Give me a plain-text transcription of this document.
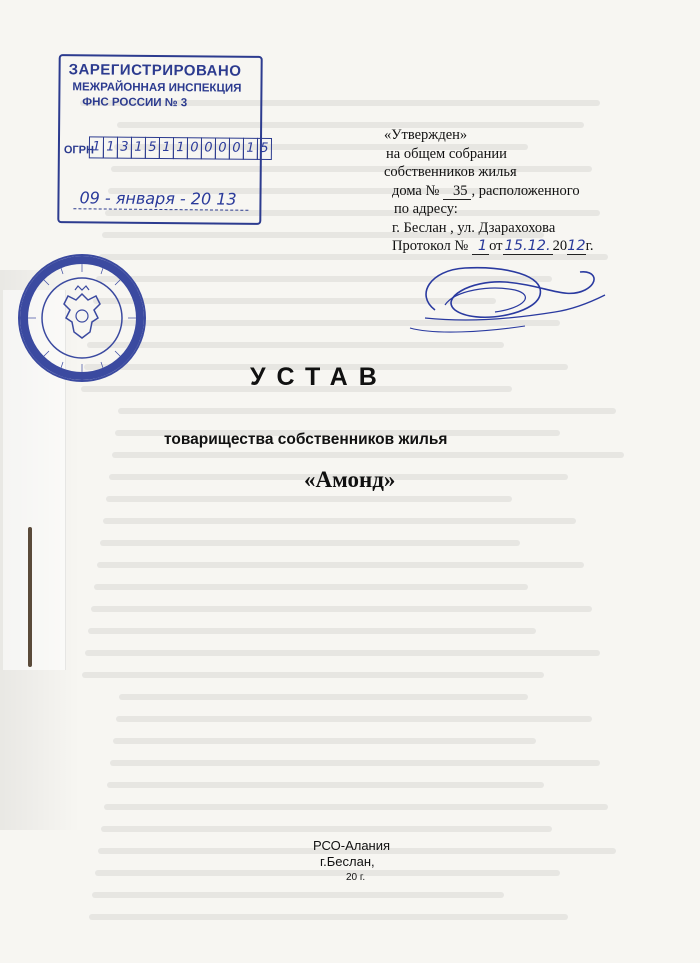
ЗАРЕГИСТРИРОВАНО
МЕЖРАЙОННАЯ ИНСПЕКЦИЯ
ФНС РОССИИ № 3
ОГРН
1 1 3 1 5 1 1 0 0 0 0 1 5
09 - января - 20 13
«Утвержден»
на общем собрании
собственников жилья
дома № 35 , расположенного
по адресу:
г. Беслан , ул. Дзарахохова
Протокол № 1 от 15.12. 2012г.
УСТАВ
товарищества собственников жилья
«Амонд»
РСО-Алания
г.Беслан,
20 г.
